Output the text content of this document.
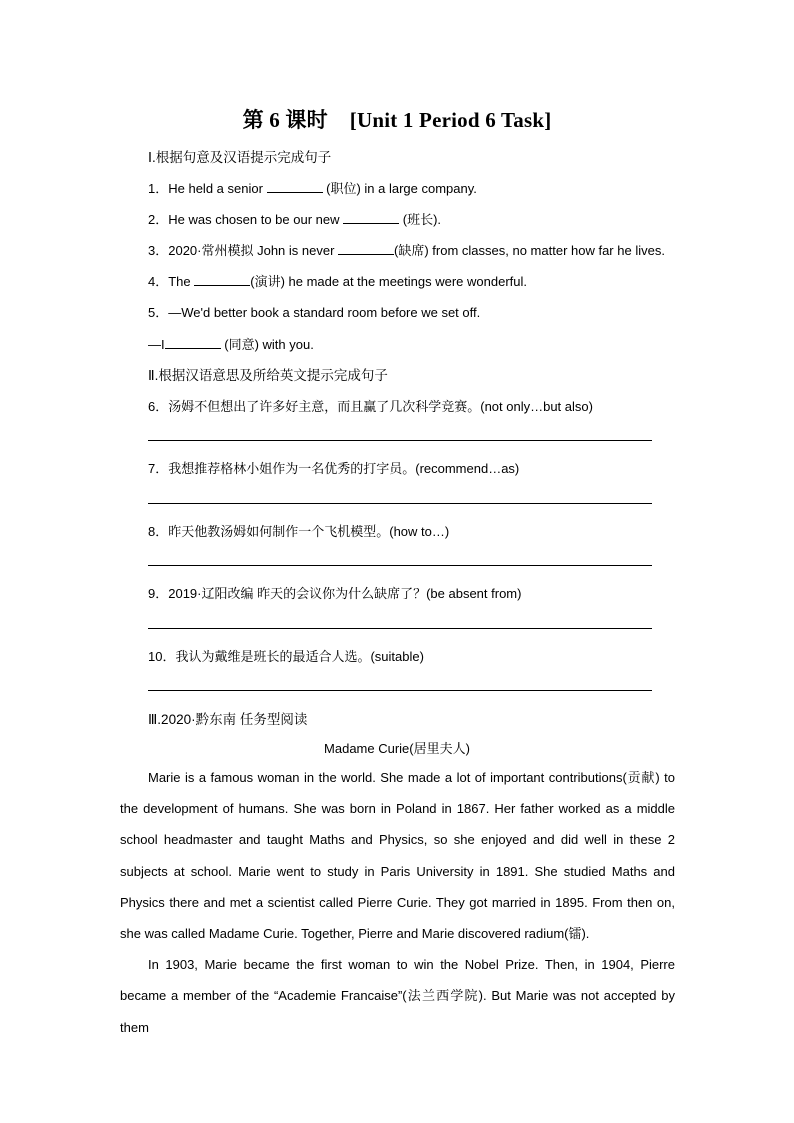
第 6 课时 [Unit 1 Period 6 Task]
Ⅰ.根据句意及汉语提示完成句子
1．He held a senior	(职位) in a large company.
2．He was chosen to be our new	(班长).
3．2020·常州模拟 John is never	(缺席) from classes, no matter how far he lives.
4．The	(演讲) he made at the meetings were wonderful.
5．—We'd better book a standard room before we set off.
—I	(同意) with you.
Ⅱ.根据汉语意思及所给英文提示完成句子
6．汤姆不但想出了许多好主意，而且赢了几次科学竞赛。(not only…but also)
7．我想推荐格林小姐作为一名优秀的打字员。(recommend…as)
8．昨天他教汤姆如何制作一个飞机模型。(how to…)
9．2019·辽阳改编 昨天的会议你为什么缺席了？(be absent from)
10．我认为戴维是班长的最适合人选。(suitable)
Ⅲ.2020·黔东南 任务型阅读
Madame Curie(居里夫人)

Marie is a famous woman in the world. She made a lot of important contributions(贡献) to the development of humans. She was born in Poland in 1867. Her father worked as a middle school headmaster and taught Maths and Physics, so she enjoyed and did well in these 2 subjects at school. Marie went to study in Paris University in 1891. She studied Maths and Physics there and met a scientist called Pierre Curie. They got married in 1895. From then on, she was called Madame Curie. Together, Pierre and Marie discovered radium(镭).

In 1903, Marie became the first woman to win the Nobel Prize. Then, in 1904, Pierre became a member of the “Academie Francaise”(法兰西学院). But Marie was not accepted by them
